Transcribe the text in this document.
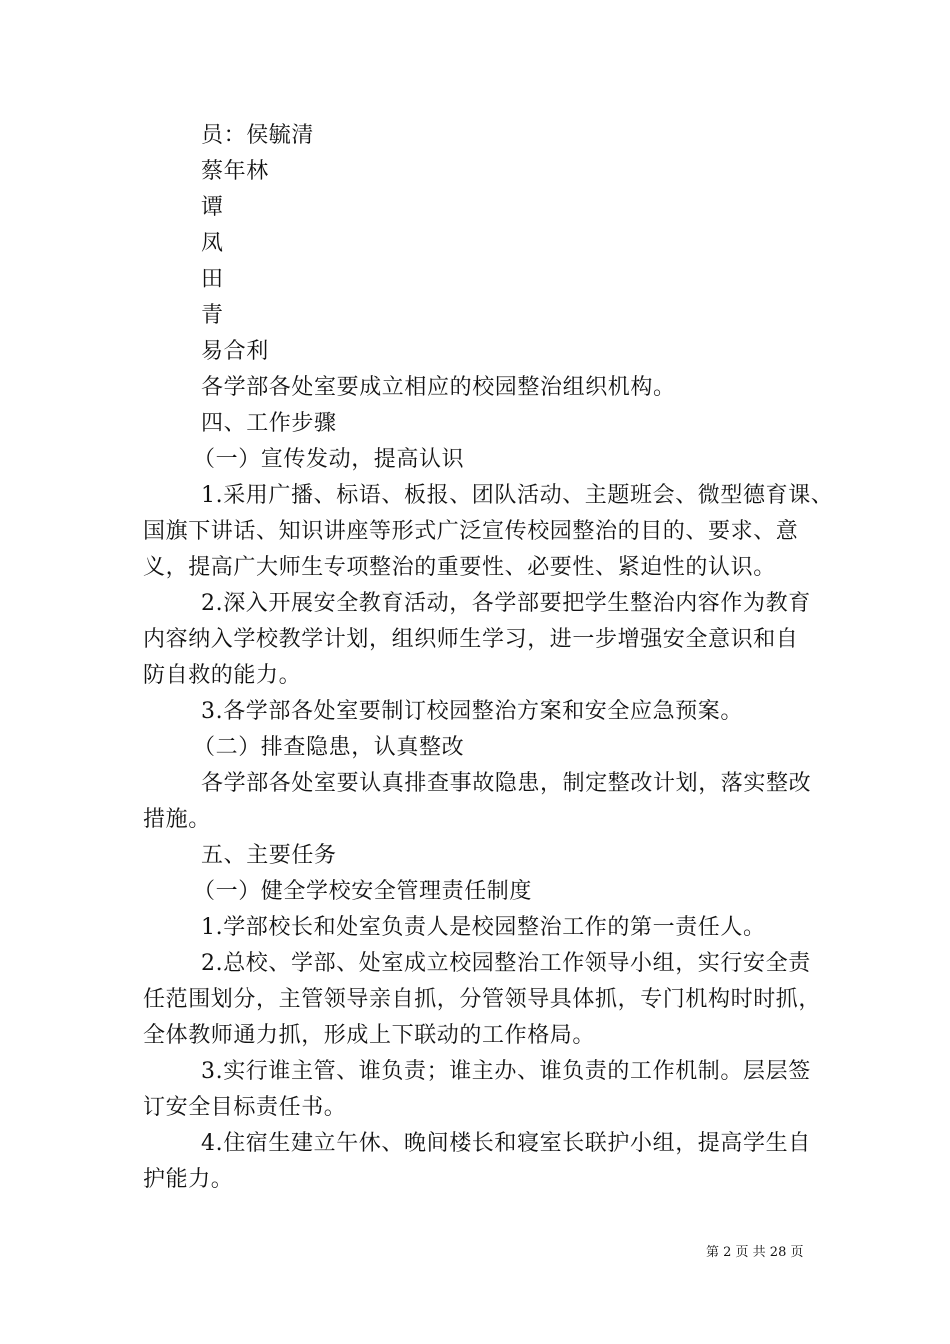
员：侯毓清
蔡年林
谭
凤
田
青
易合利
各学部各处室要成立相应的校园整治组织机构。
四、工作步骤
（一）宣传发动，提高认识
1.采用广播、标语、板报、团队活动、主题班会、微型德育课、
国旗下讲话、知识讲座等形式广泛宣传校园整治的目的、要求、意
义，提高广大师生专项整治的重要性、必要性、紧迫性的认识。
2.深入开展安全教育活动，各学部要把学生整治内容作为教育
内容纳入学校教学计划，组织师生学习，进一步增强安全意识和自
防自救的能力。
3.各学部各处室要制订校园整治方案和安全应急预案。
（二）排查隐患，认真整改
各学部各处室要认真排查事故隐患，制定整改计划，落实整改
措施。
五、主要任务
（一）健全学校安全管理责任制度
1.学部校长和处室负责人是校园整治工作的第一责任人。
2.总校、学部、处室成立校园整治工作领导小组，实行安全责
任范围划分，主管领导亲自抓，分管领导具体抓，专门机构时时抓，
全体教师通力抓，形成上下联动的工作格局。
3.实行谁主管、谁负责；谁主办、谁负责的工作机制。层层签
订安全目标责任书。
4.住宿生建立午休、晚间楼长和寝室长联护小组，提高学生自
护能力。
第 2 页 共 28 页
